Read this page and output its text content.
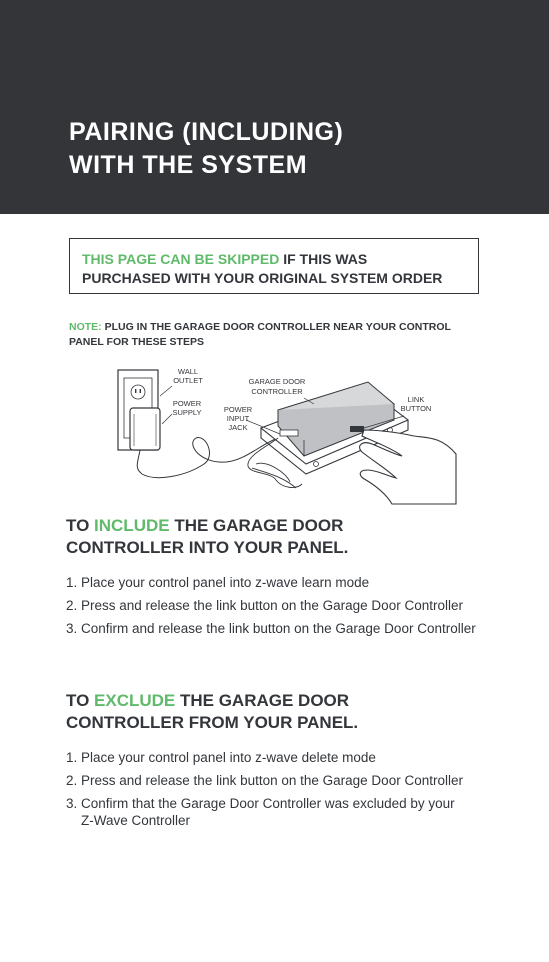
PAIRING (INCLUDING)
WITH THE SYSTEM
THIS PAGE CAN BE SKIPPED IF THIS WAS
PURCHASED WITH YOUR ORIGINAL SYSTEM ORDER
NOTE: PLUG IN THE GARAGE DOOR CONTROLLER NEAR YOUR CONTROL PANEL FOR THESE STEPS
WALL
OUTLET
POWER
SUPPLY
GARAGE DOOR
CONTROLLER
POWER
INPUT
JACK
LINK
BUTTON
TO INCLUDE THE GARAGE DOOR
CONTROLLER INTO YOUR PANEL.
1. Place your control panel into z-wave learn mode
2. Press and release the link button on the Garage Door Controller
3. Confirm and release the link button on the Garage Door Controller
TO EXCLUDE THE GARAGE DOOR
CONTROLLER FROM YOUR PANEL.
1. Place your control panel into z-wave delete mode
2. Press and release the link button on the Garage Door Controller
3. Confirm that the Garage Door Controller was excluded by your Z-Wave Controller
